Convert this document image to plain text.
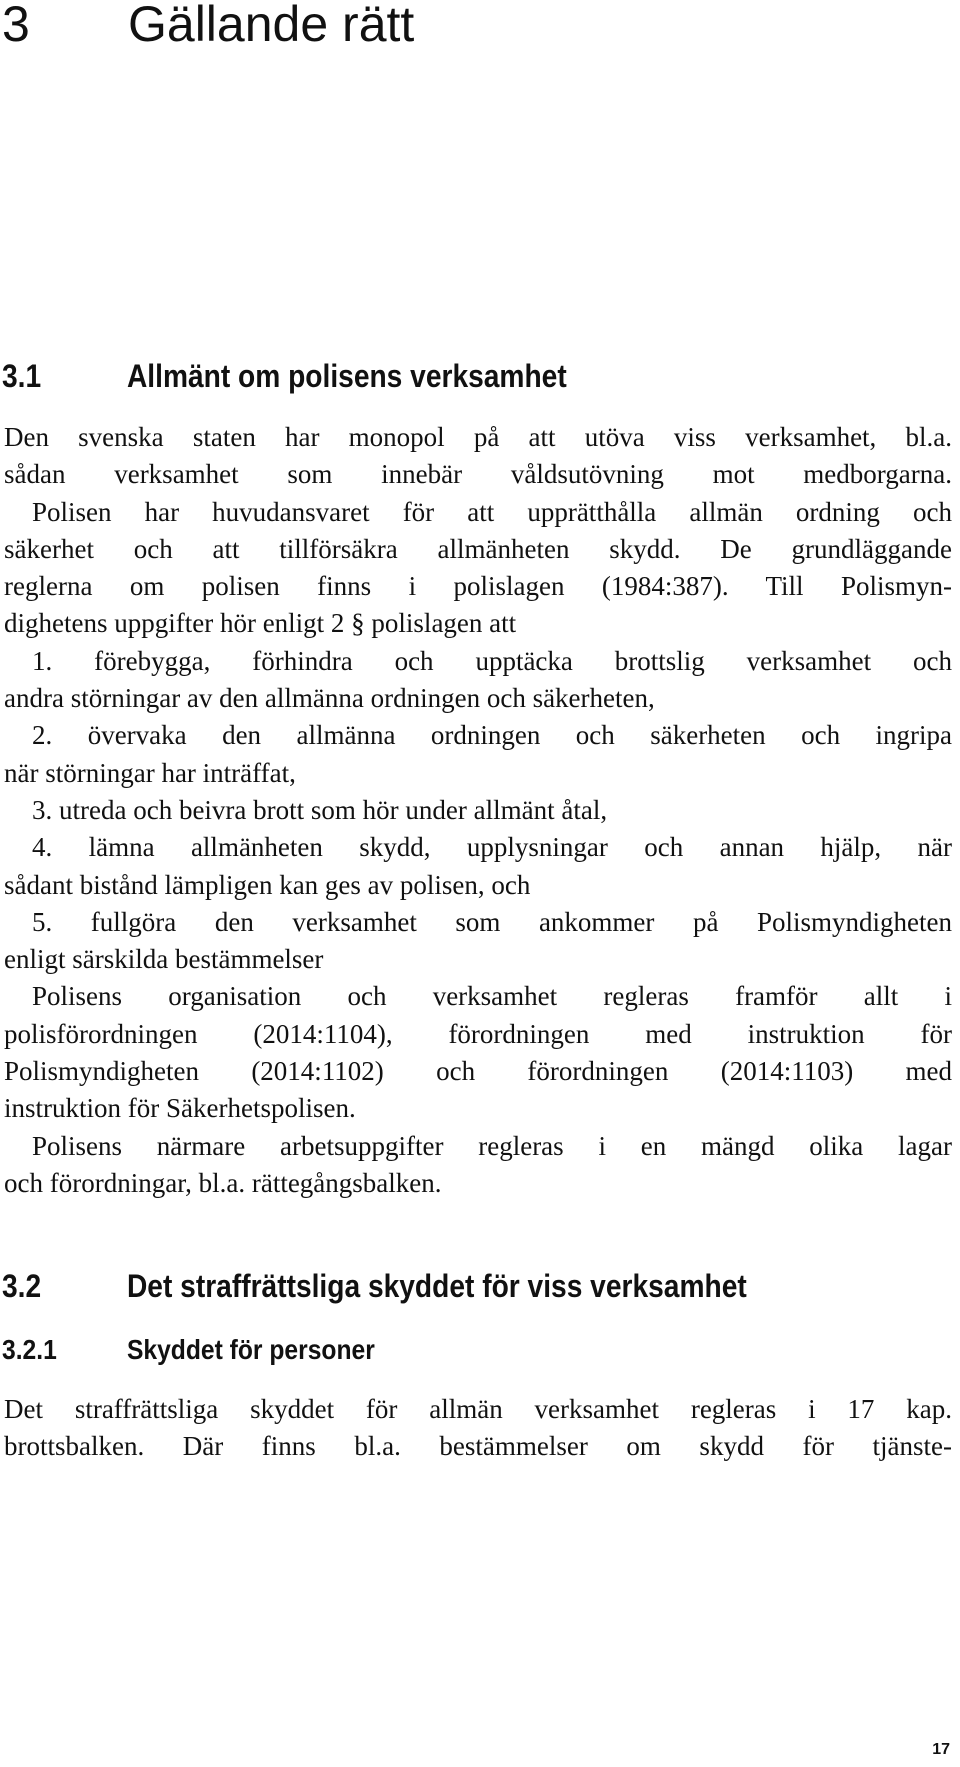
3 Gällande rätt
3.1	Allmänt om polisens verksamhet
Den svenska staten har monopol på att utöva viss verksamhet, bl.a.
sådan verksamhet som innebär våldsutövning mot medborgarna.
Polisen har huvudansvaret för att upprätthålla allmän ordning och
säkerhet och att tillförsäkra allmänheten skydd. De grundläggande
reglerna om polisen finns i polislagen (1984:387). Till Polismyn-
dighetens uppgifter hör enligt 2 § polislagen att
1. förebygga, förhindra och upptäcka brottslig verksamhet och
andra störningar av den allmänna ordningen och säkerheten,
2. övervaka den allmänna ordningen och säkerheten och ingripa
när störningar har inträffat,
3. utreda och beivra brott som hör under allmänt åtal,
4. lämna allmänheten skydd, upplysningar och annan hjälp, när
sådant bistånd lämpligen kan ges av polisen, och
5. fullgöra den verksamhet som ankommer på Polismyndigheten
enligt särskilda bestämmelser
Polisens organisation och verksamhet regleras framför allt i
polisförordningen (2014:1104), förordningen med instruktion för
Polismyndigheten (2014:1102) och förordningen (2014:1103) med
instruktion för Säkerhetspolisen.
Polisens närmare arbetsuppgifter regleras i en mängd olika lagar
och förordningar, bl.a. rättegångsbalken.
3.2	Det straffrättsliga skyddet för viss verksamhet
3.2.1	Skyddet för personer
Det straffrättsliga skyddet för allmän verksamhet regleras i 17 kap.
brottsbalken. Där finns bl.a. bestämmelser om skydd för tjänste-
17
